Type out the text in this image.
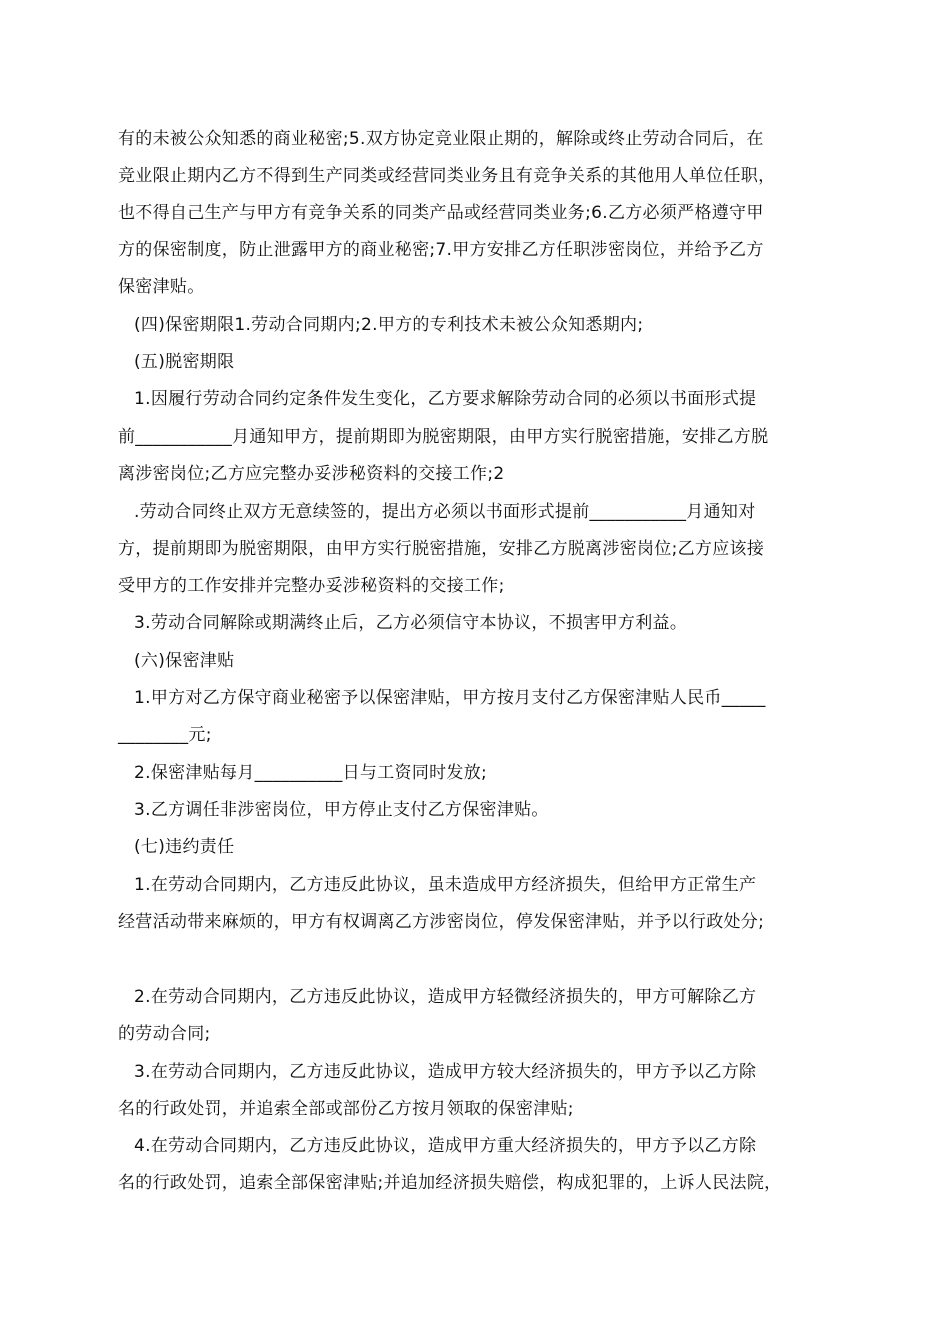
有的未被公众知悉的商业秘密;5.双方协定竞业限止期的，解除或终止劳动合同后，在
竞业限止期内乙方不得到生产同类或经营同类业务且有竞争关系的其他用人单位任职，
也不得自己生产与甲方有竞争关系的同类产品或经营同类业务;6.乙方必须严格遵守甲
方的保密制度，防止泄露甲方的商业秘密;7.甲方安排乙方任职涉密岗位，并给予乙方
保密津贴。
(四)保密期限1.劳动合同期内;2.甲方的专利技术未被公众知悉期内;
(五)脱密期限
1.因履行劳动合同约定条件发生变化，乙方要求解除劳动合同的必须以书面形式提
前___________月通知甲方，提前期即为脱密期限，由甲方实行脱密措施，安排乙方脱
离涉密岗位;乙方应完整办妥涉秘资料的交接工作;2
.劳动合同终止双方无意续签的，提出方必须以书面形式提前___________月通知对
方，提前期即为脱密期限，由甲方实行脱密措施，安排乙方脱离涉密岗位;乙方应该接
受甲方的工作安排并完整办妥涉秘资料的交接工作;
3.劳动合同解除或期满终止后，乙方必须信守本协议，不损害甲方利益。
(六)保密津贴
1.甲方对乙方保守商业秘密予以保密津贴，甲方按月支付乙方保密津贴人民币_____
________元;
2.保密津贴每月__________日与工资同时发放;
3.乙方调任非涉密岗位，甲方停止支付乙方保密津贴。
(七)违约责任
1.在劳动合同期内，乙方违反此协议，虽未造成甲方经济损失，但给甲方正常生产
经营活动带来麻烦的，甲方有权调离乙方涉密岗位，停发保密津贴，并予以行政处分;
2.在劳动合同期内，乙方违反此协议，造成甲方轻微经济损失的，甲方可解除乙方
的劳动合同;
3.在劳动合同期内，乙方违反此协议，造成甲方较大经济损失的，甲方予以乙方除
名的行政处罚，并追索全部或部份乙方按月领取的保密津贴;
4.在劳动合同期内，乙方违反此协议，造成甲方重大经济损失的，甲方予以乙方除
名的行政处罚，追索全部保密津贴;并追加经济损失赔偿，构成犯罪的，上诉人民法院，
